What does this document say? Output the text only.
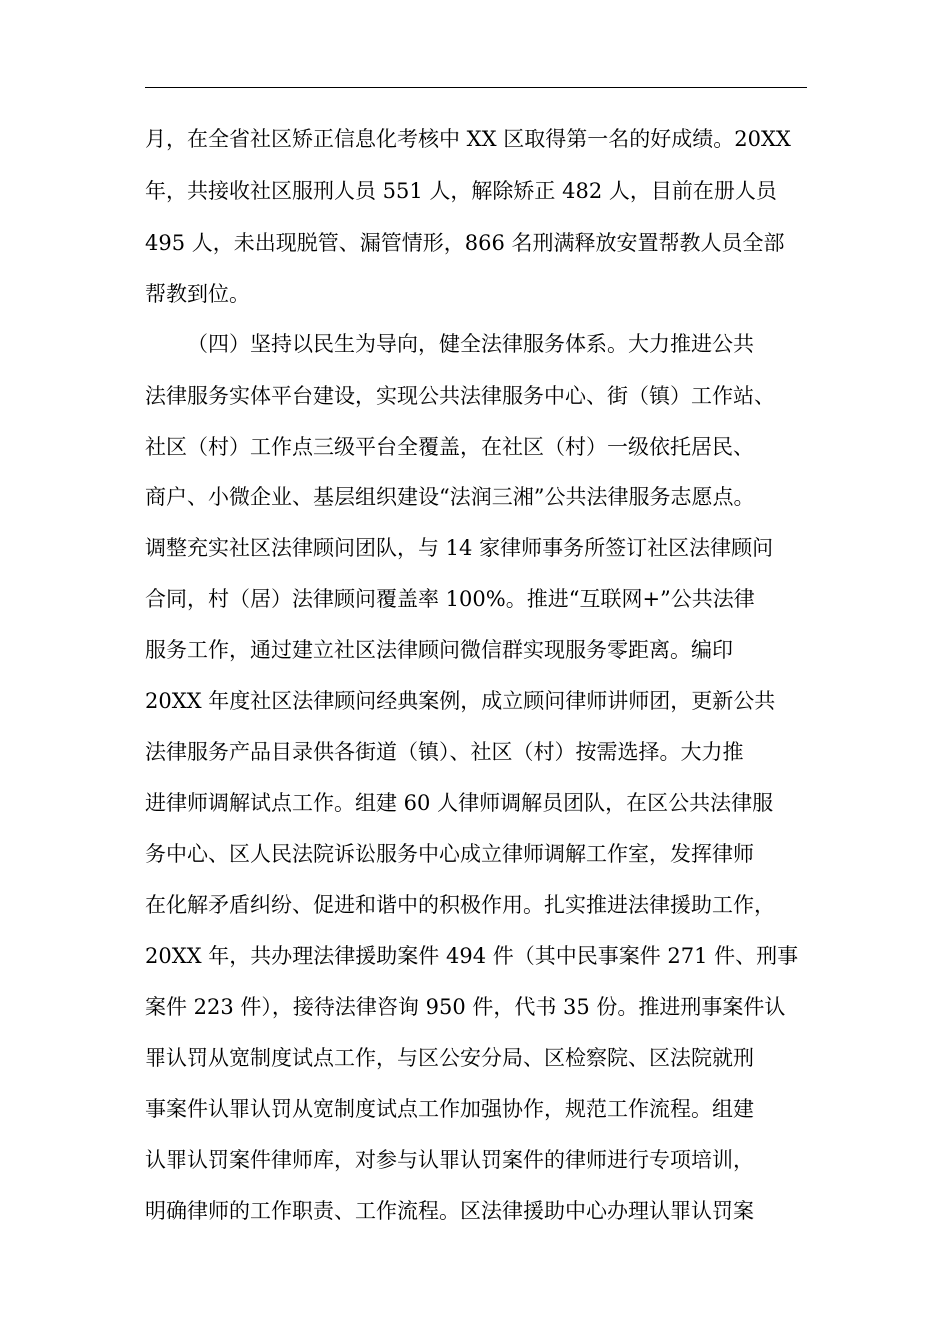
月，在全省社区矫正信息化考核中 XX 区取得第一名的好成绩。20XX
年，共接收社区服刑人员 551 人，解除矫正 482 人，目前在册人员
495 人，未出现脱管、漏管情形，866 名刑满释放安置帮教人员全部
帮教到位。
（四）坚持以民生为导向，健全法律服务体系。大力推进公共
法律服务实体平台建设，实现公共法律服务中心、街（镇）工作站、
社区（村）工作点三级平台全覆盖，在社区（村）一级依托居民、
商户、小微企业、基层组织建设“法润三湘”公共法律服务志愿点。
调整充实社区法律顾问团队，与 14 家律师事务所签订社区法律顾问
合同，村（居）法律顾问覆盖率 100%。推进“互联网+”公共法律
服务工作，通过建立社区法律顾问微信群实现服务零距离。编印
20XX 年度社区法律顾问经典案例，成立顾问律师讲师团，更新公共
法律服务产品目录供各街道（镇）、社区（村）按需选择。大力推
进律师调解试点工作。组建 60 人律师调解员团队，在区公共法律服
务中心、区人民法院诉讼服务中心成立律师调解工作室，发挥律师
在化解矛盾纠纷、促进和谐中的积极作用。扎实推进法律援助工作，
20XX 年，共办理法律援助案件 494 件（其中民事案件 271 件、刑事
案件 223 件），接待法律咨询 950 件，代书 35 份。推进刑事案件认
罪认罚从宽制度试点工作，与区公安分局、区检察院、区法院就刑
事案件认罪认罚从宽制度试点工作加强协作，规范工作流程。组建
认罪认罚案件律师库，对参与认罪认罚案件的律师进行专项培训，
明确律师的工作职责、工作流程。区法律援助中心办理认罪认罚案
